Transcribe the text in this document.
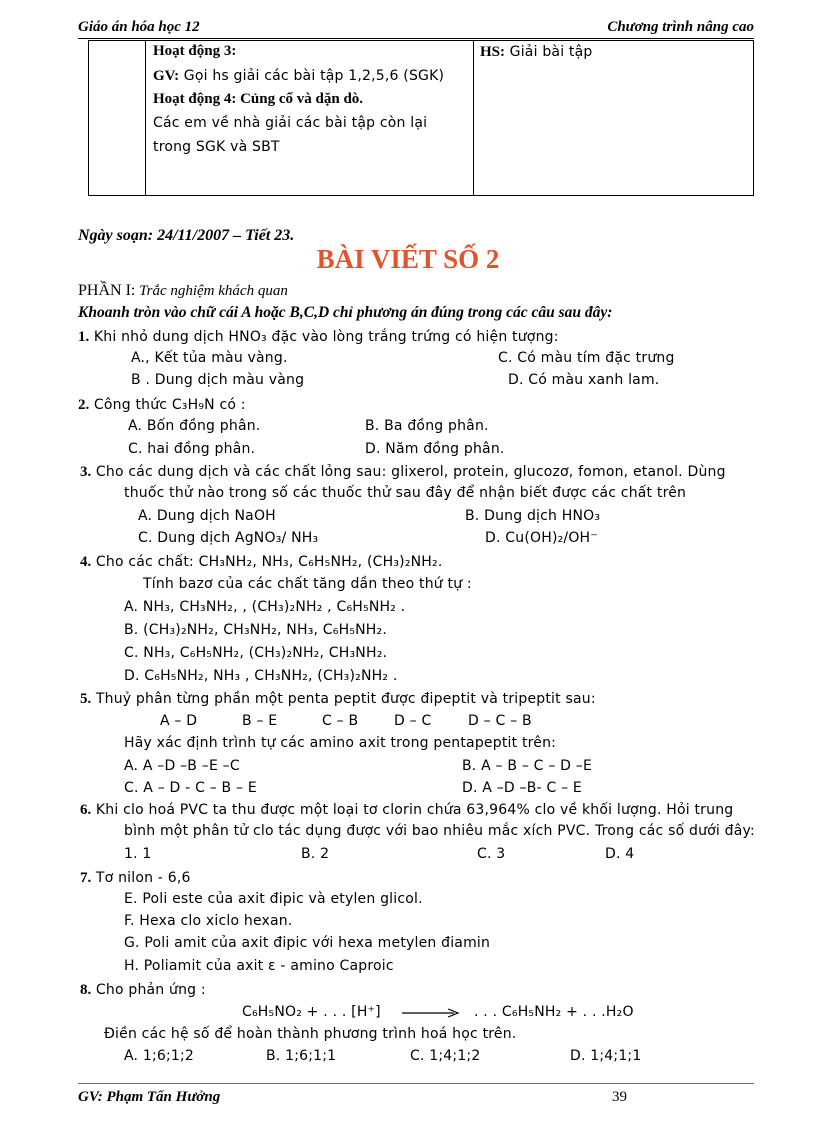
Giáo án hóa học 12	Chương trình nâng cao

Hoạt động 3:
GV: Gọi hs giải các bài tập 1,2,5,6 (SGK)
Hoạt động 4: Củng cố và dặn dò.
Các em về nhà giải các bài tập còn lại
trong SGK và SBT
	HS: Giải bài tập
Ngày soạn: 24/11/2007 – Tiết 23.
BÀI VIẾT SỐ 2
PHẦN I: Trắc nghiệm khách quan
Khoanh tròn vào chữ cái A hoặc B,C,D chỉ phương án đúng trong các câu sau đây:
1. Khi nhỏ dung dịch HNO₃ đặc vào lòng trắng trứng có hiện tượng:
A., Kết tủa màu vàng.	C. Có màu tím đặc trưng
B . Dung dịch màu vàng	D. Có màu xanh lam.
2. Công thức C₃H₉N có :
A. Bốn đồng phân.	B. Ba đồng phân.
C. hai đồng phân.	D. Năm đồng phân.
3. Cho các dung dịch và các chất lỏng sau: glixerol, protein, glucozơ, fomon, etanol. Dùng
thuốc thử nào trong số các thuốc thử sau đây để nhận biết được các chất trên
A. Dung dịch NaOH	B. Dung dịch HNO₃
C. Dung dịch AgNO₃/ NH₃	D. Cu(OH)₂/OH⁻
4. Cho các chất: CH₃NH₂, NH₃, C₆H₅NH₂, (CH₃)₂NH₂.
Tính bazơ của các chất tăng dần theo thứ tự :
A. NH₃, CH₃NH₂, , (CH₃)₂NH₂ , C₆H₅NH₂ .
B. (CH₃)₂NH₂, CH₃NH₂, NH₃, C₆H₅NH₂.
C. NH₃, C₆H₅NH₂, (CH₃)₂NH₂, CH₃NH₂.
D. C₆H₅NH₂, NH₃ , CH₃NH₂, (CH₃)₂NH₂ .
5. Thuỷ phân từng phần một penta peptit được đipeptit và tripeptit sau:
A – D	B – E	C – B	D – C	D – C – B
Hãy xác định trình tự các amino axit trong pentapeptit trên:
A. A –D –B –E –C	B. A – B – C – D –E
C. A – D - C – B – E	D. A –D –B- C – E
6. Khi clo hoá PVC ta thu được một loại tơ clorin chứa 63,964% clo về khối lượng. Hỏi trung
bình một phân tử clo tác dụng được với bao nhiêu mắc xích PVC. Trong các số dưới đây:
1. 1	B. 2	C. 3	D. 4
7. Tơ nilon - 6,6
E. Poli este của axit đipic và etylen glicol.
F. Hexa clo xiclo hexan.
G. Poli amit của axit đipic với hexa metylen điamin
H. Poliamit của axit ε - amino Caproic
8. Cho phản ứng :
C₆H₅NO₂ + . . . [H⁺] → . . . C₆H₅NH₂ + . . .H₂O
Điền các hệ số để hoàn thành phương trình hoá học trên.
A. 1;6;1;2	B. 1;6;1;1	C. 1;4;1;2	D. 1;4;1;1
GV: Phạm Tấn Hưởng	39
